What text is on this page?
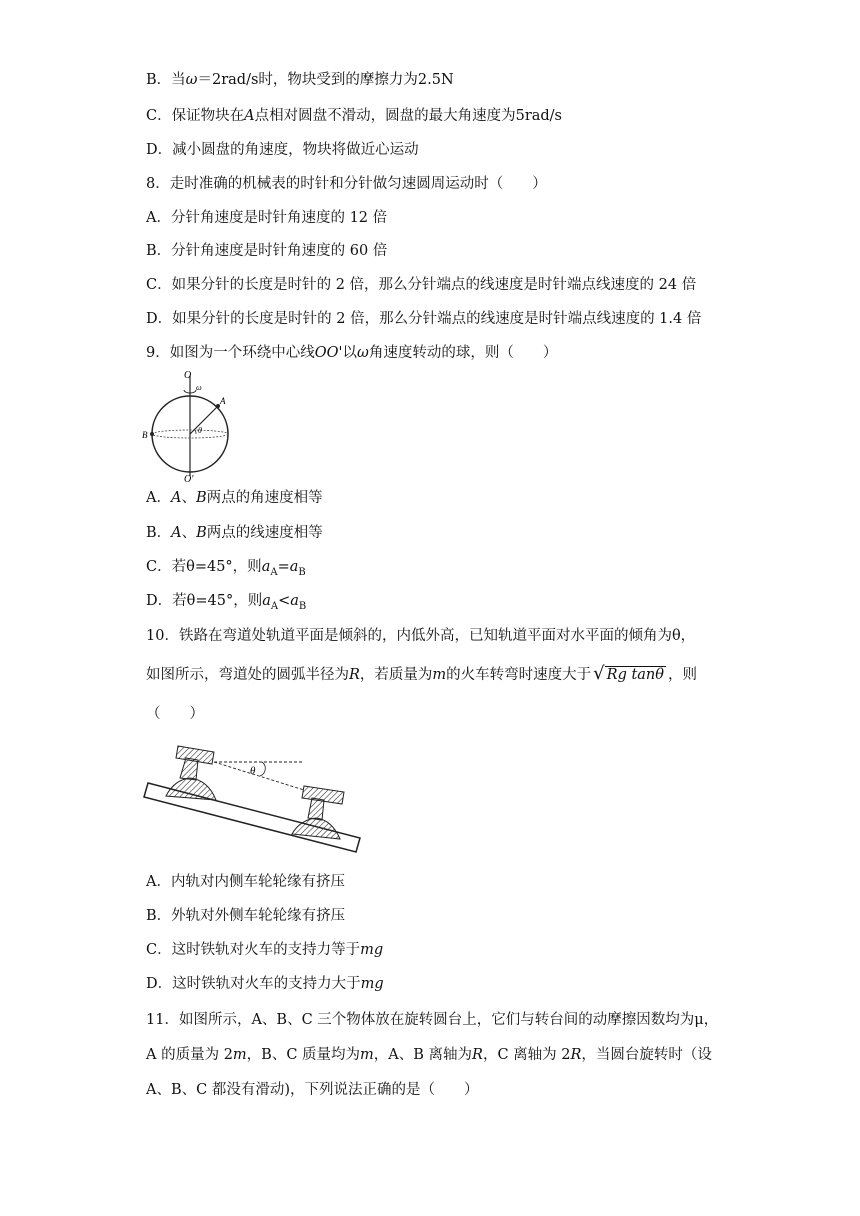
B．当ω＝2rad/s时，物块受到的摩擦力为2.5N
C．保证物块在A点相对圆盘不滑动，圆盘的最大角速度为5rad/s
D．减小圆盘的角速度，物块将做近心运动
8．走时准确的机械表的时针和分针做匀速圆周运动时（　　）
A．分针角速度是时针角速度的 12 倍
B．分针角速度是时针角速度的 60 倍
C．如果分针的长度是时针的 2 倍，那么分针端点的线速度是时针端点线速度的 24 倍
D．如果分针的长度是时针的 2 倍，那么分针端点的线速度是时针端点线速度的 1.4 倍
9．如图为一个环绕中心线OO'以ω角速度转动的球，则（　　）
O
ω
A
B	θ
O'
A．A、B两点的角速度相等
B．A、B两点的线速度相等
C．若θ=45°，则$a_A=a_B$
D．若θ=45°，则$a_A<a_B$
10．铁路在弯道处轨道平面是倾斜的，内低外高，已知轨道平面对水平面的倾角为θ，
如图所示，弯道处的圆弧半径为R，若质量为m的火车转弯时速度大于 √ Rg tanθ ，则
（　　）
θ
A．内轨对内侧车轮轮缘有挤压
B．外轨对外侧车轮轮缘有挤压
C．这时铁轨对火车的支持力等于mg
D．这时铁轨对火车的支持力大于mg
11．如图所示，A、B、C 三个物体放在旋转圆台上，它们与转台间的动摩擦因数均为μ，
A 的质量为 2m，B、C 质量均为m，A、B 离轴为R，C 离轴为 2R，当圆台旋转时（设
A、B、C 都没有滑动)，下列说法正确的是（　　）
